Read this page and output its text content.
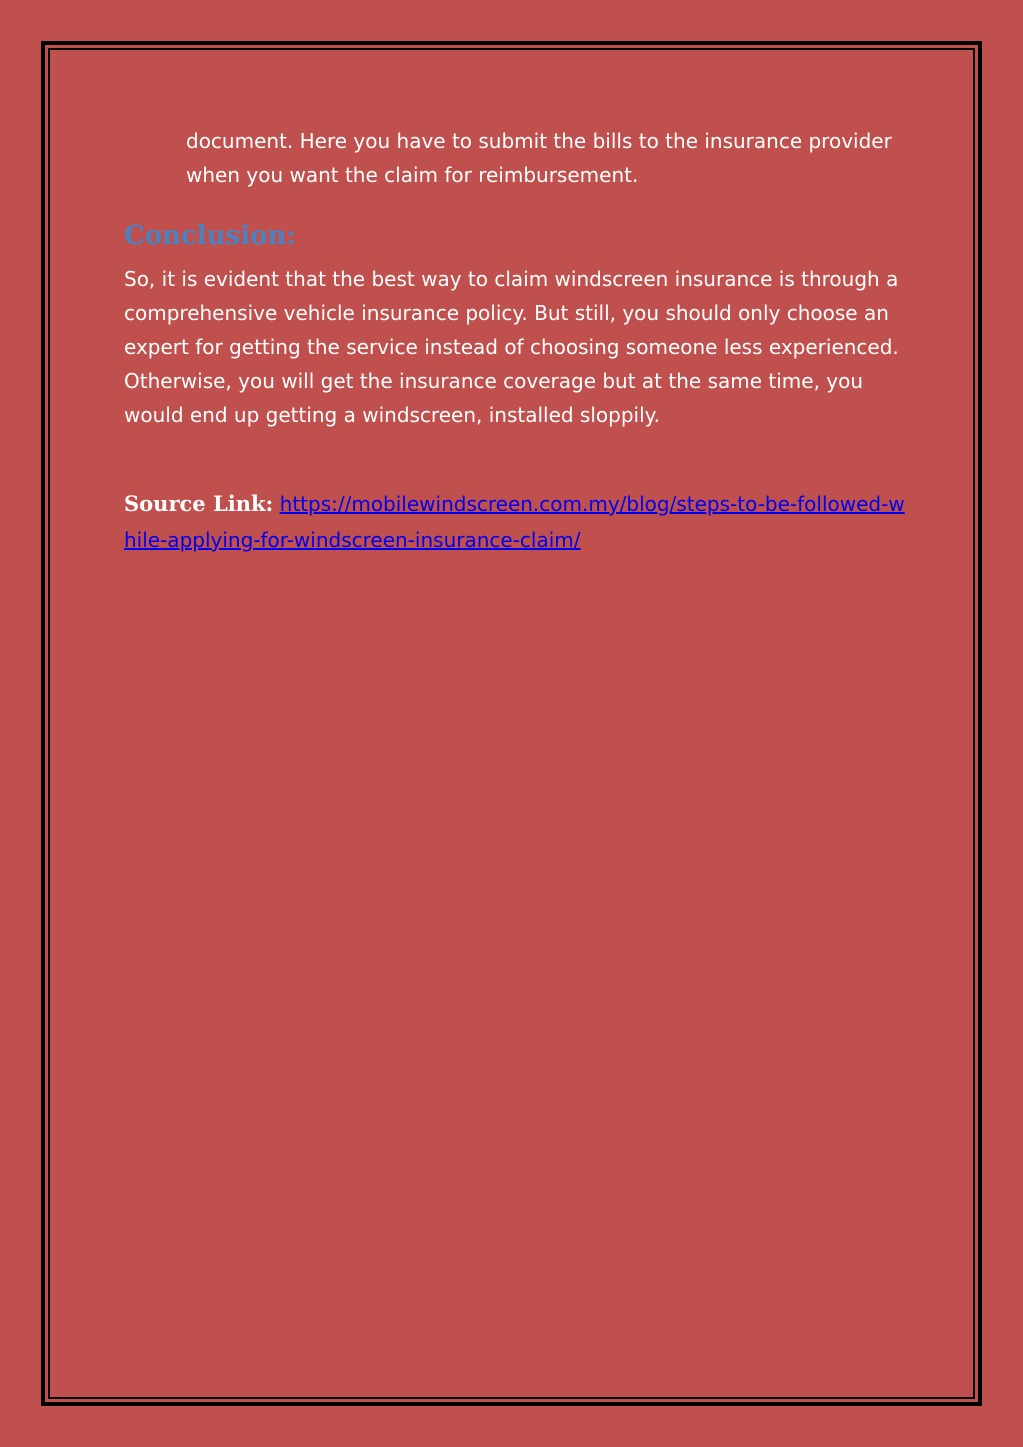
document. Here you have to submit the bills to the insurance provider when you want the claim for reimbursement.

Conclusion:

So, it is evident that the best way to claim windscreen insurance is through a comprehensive vehicle insurance policy. But still, you should only choose an expert for getting the service instead of choosing someone less experienced. Otherwise, you will get the insurance coverage but at the same time, you would end up getting a windscreen, installed sloppily.

Source Link: https://mobilewindscreen.com.my/blog/steps-to-be-followed-while-applying-for-windscreen-insurance-claim/
